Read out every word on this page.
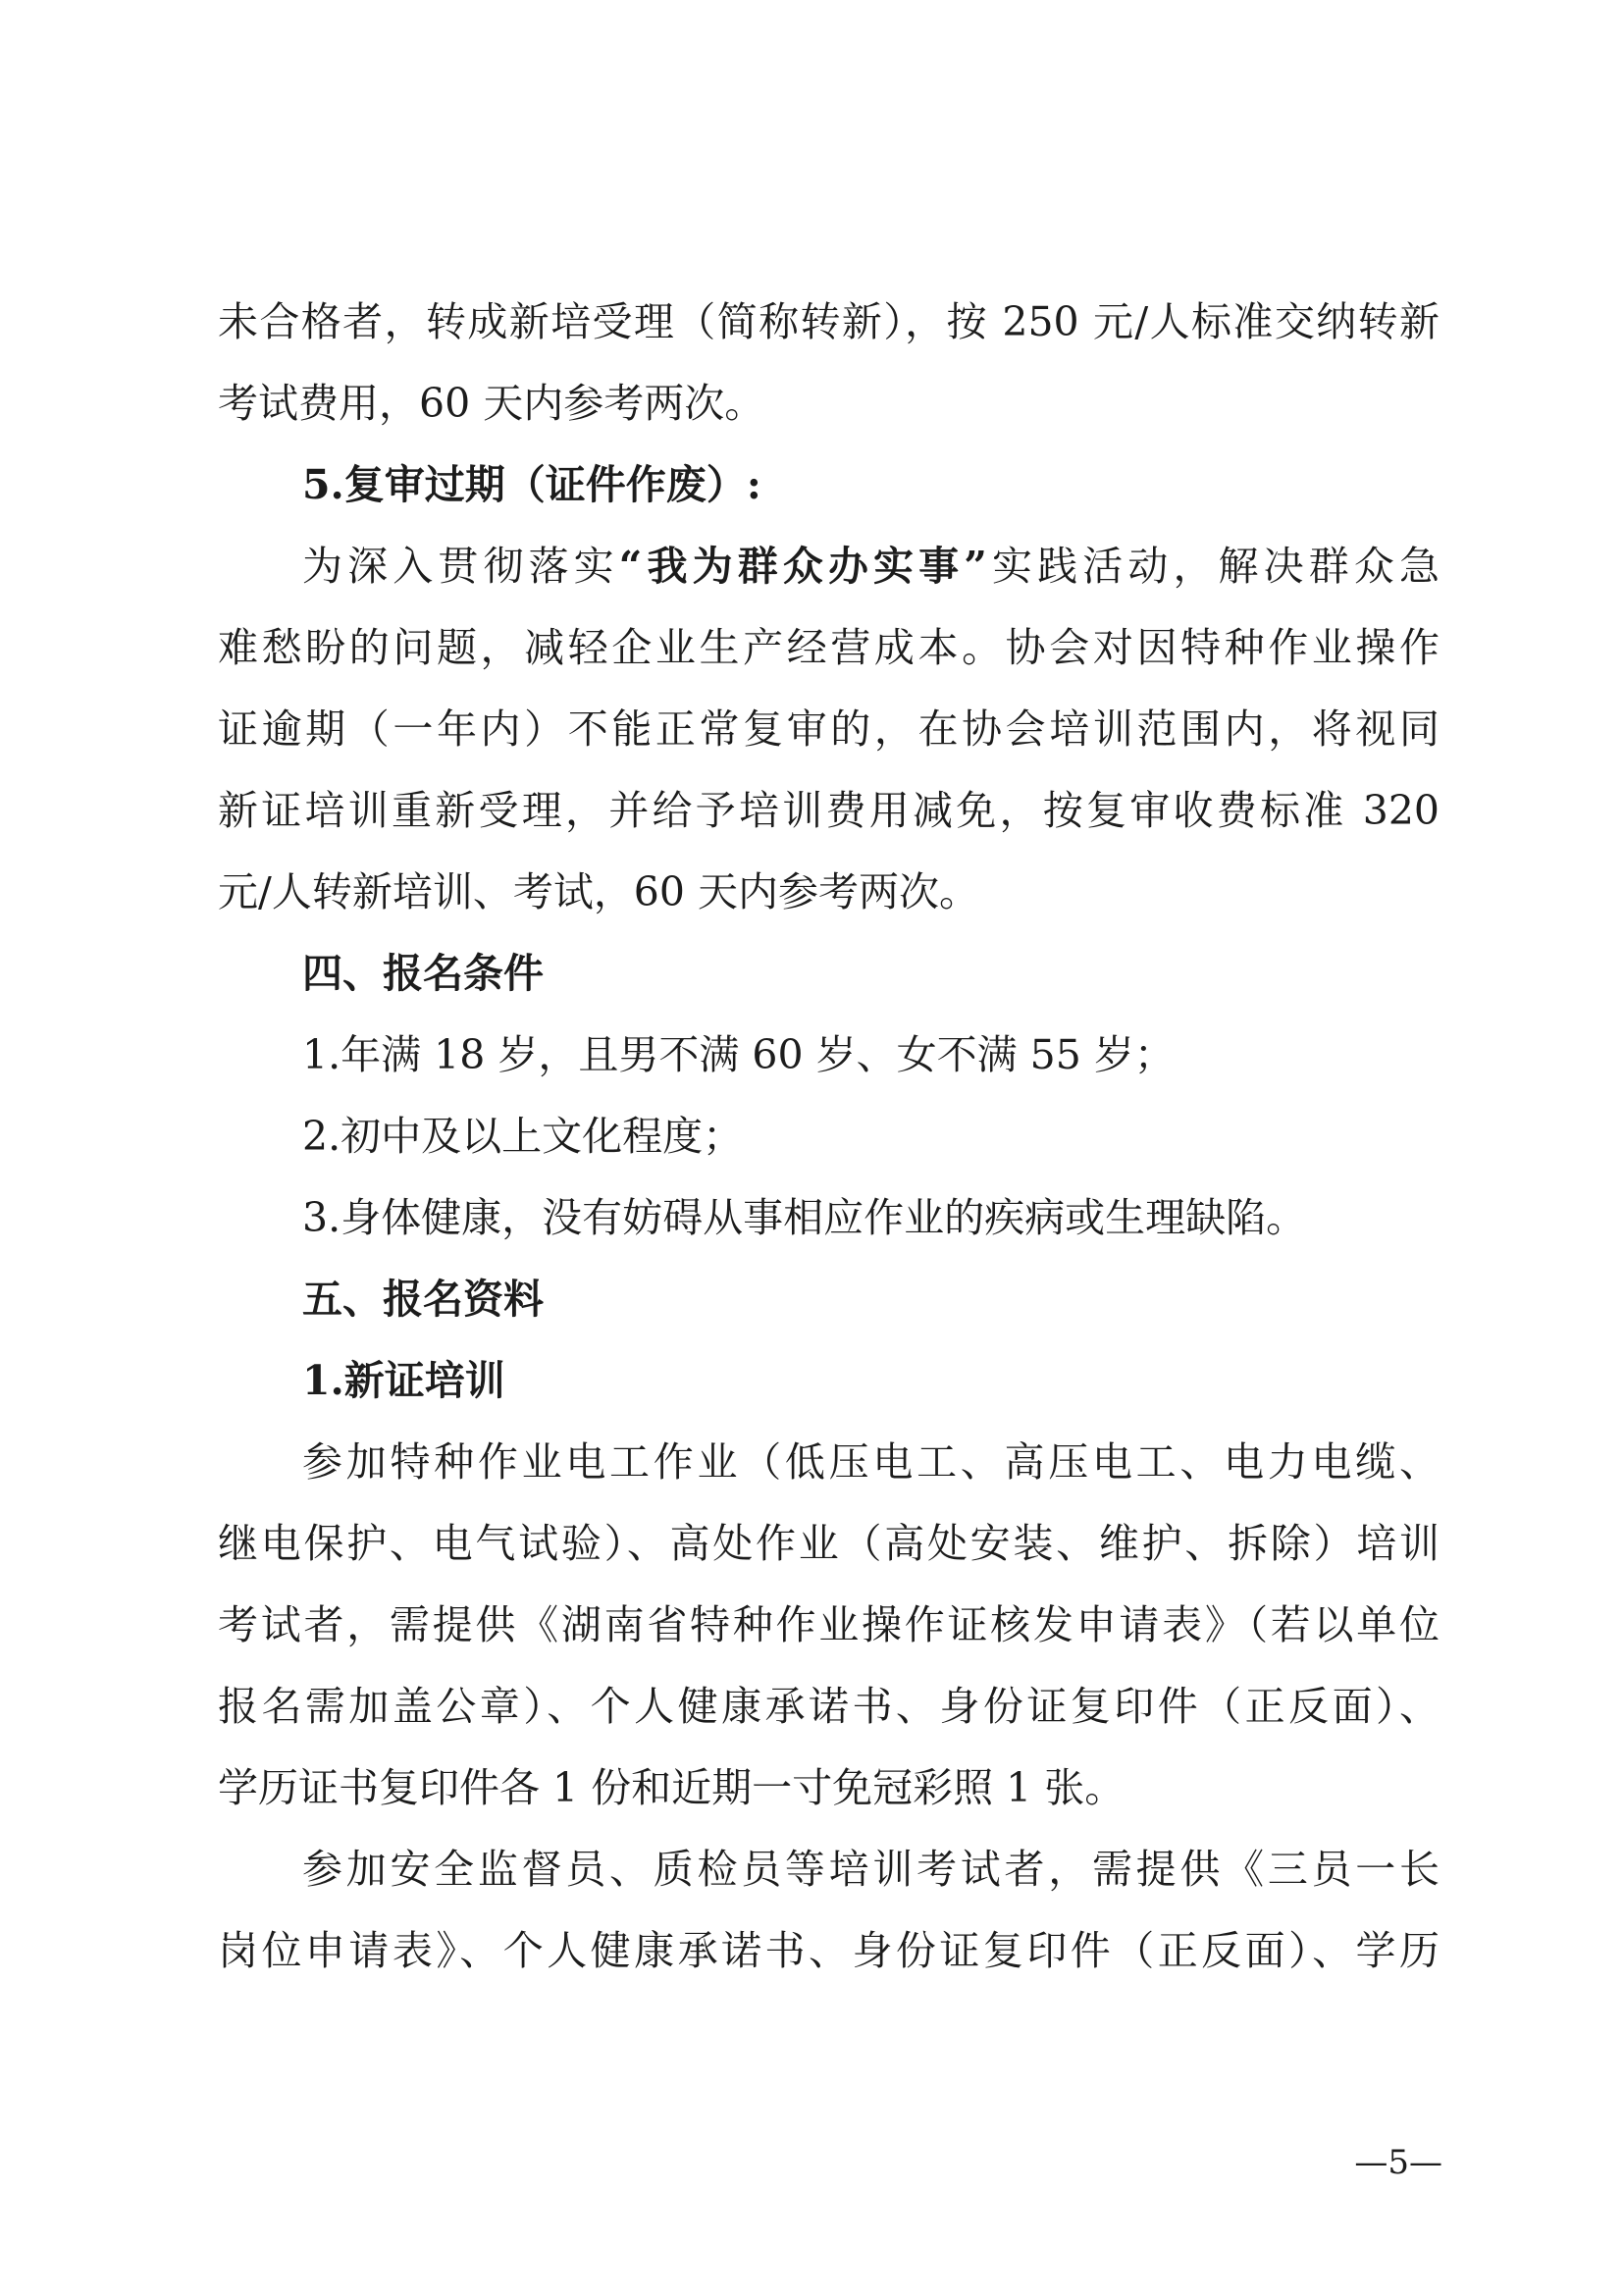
未合格者，转成新培受理（简称转新），按 250 元/人标准交纳转新
考试费用，60 天内参考两次。
5.复审过期（证件作废）:
为深入贯彻落实“我为群众办实事”实践活动，解决群众急
难愁盼的问题，减轻企业生产经营成本。协会对因特种作业操作
证逾期（一年内）不能正常复审的，在协会培训范围内，将视同
新证培训重新受理，并给予培训费用减免，按复审收费标准 320
元/人转新培训、考试，60 天内参考两次。
四、报名条件
1.年满 18 岁，且男不满 60 岁、女不满 55 岁；
2.初中及以上文化程度；
3.身体健康，没有妨碍从事相应作业的疾病或生理缺陷。
五、报名资料
1.新证培训
参加特种作业电工作业（低压电工、高压电工、电力电缆、
继电保护、电气试验）、高处作业（高处安装、维护、拆除）培训
考试者，需提供《湖南省特种作业操作证核发申请表》（若以单位
报名需加盖公章）、个人健康承诺书、身份证复印件（正反面）、
学历证书复印件各 1 份和近期一寸免冠彩照 1 张。
参加安全监督员、质检员等培训考试者，需提供《三员一长
岗位申请表》、个人健康承诺书、身份证复印件（正反面）、学历
—5—
